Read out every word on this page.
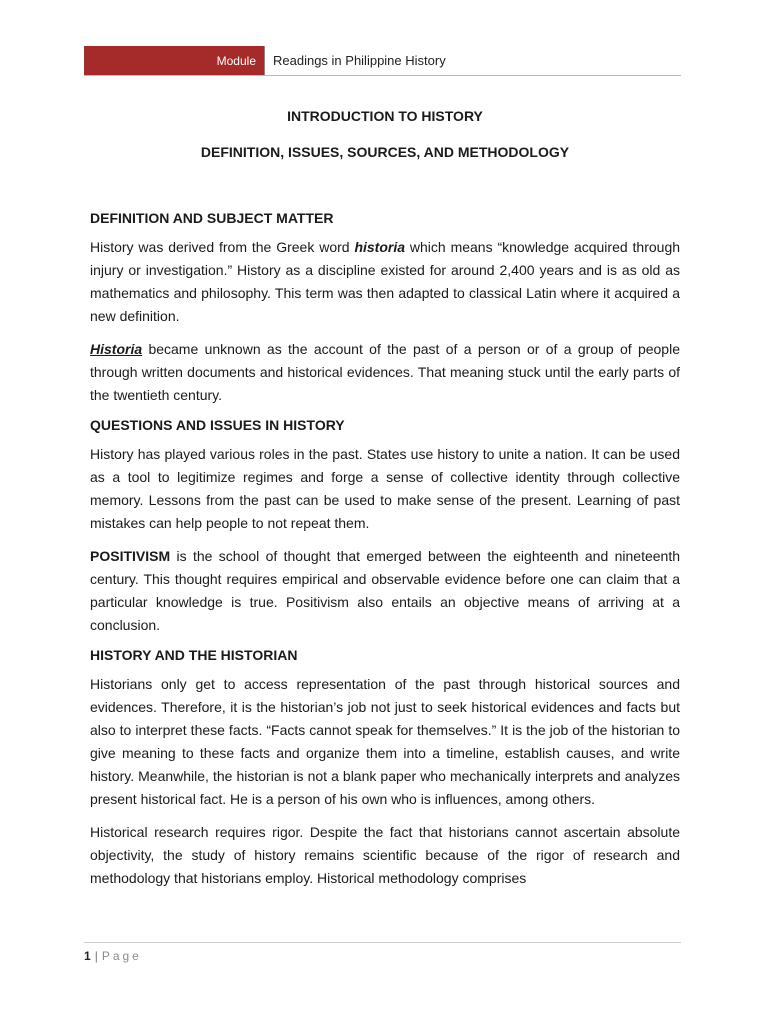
Module	Readings in Philippine History
INTRODUCTION TO HISTORY
DEFINITION, ISSUES, SOURCES, AND METHODOLOGY
DEFINITION AND SUBJECT MATTER

History was derived from the Greek word historia which means “knowledge acquired through injury or investigation.” History as a discipline existed for around 2,400 years and is as old as mathematics and philosophy. This term was then adapted to classical Latin where it acquired a new definition.

Historia became unknown as the account of the past of a person or of a group of people through written documents and historical evidences. That meaning stuck until the early parts of the twentieth century.

QUESTIONS AND ISSUES IN HISTORY

History has played various roles in the past. States use history to unite a nation. It can be used as a tool to legitimize regimes and forge a sense of collective identity through collective memory. Lessons from the past can be used to make sense of the present. Learning of past mistakes can help people to not repeat them.

POSITIVISM is the school of thought that emerged between the eighteenth and nineteenth century. This thought requires empirical and observable evidence before one can claim that a particular knowledge is true. Positivism also entails an objective means of arriving at a conclusion.

HISTORY AND THE HISTORIAN

Historians only get to access representation of the past through historical sources and evidences. Therefore, it is the historian’s job not just to seek historical evidences and facts but also to interpret these facts. “Facts cannot speak for themselves.” It is the job of the historian to give meaning to these facts and organize them into a timeline, establish causes, and write history. Meanwhile, the historian is not a blank paper who mechanically interprets and analyzes present historical fact. He is a person of his own who is influences, among others.

Historical research requires rigor. Despite the fact that historians cannot ascertain absolute objectivity, the study of history remains scientific because of the rigor of research and methodology that historians employ. Historical methodology comprises

1 | Page
